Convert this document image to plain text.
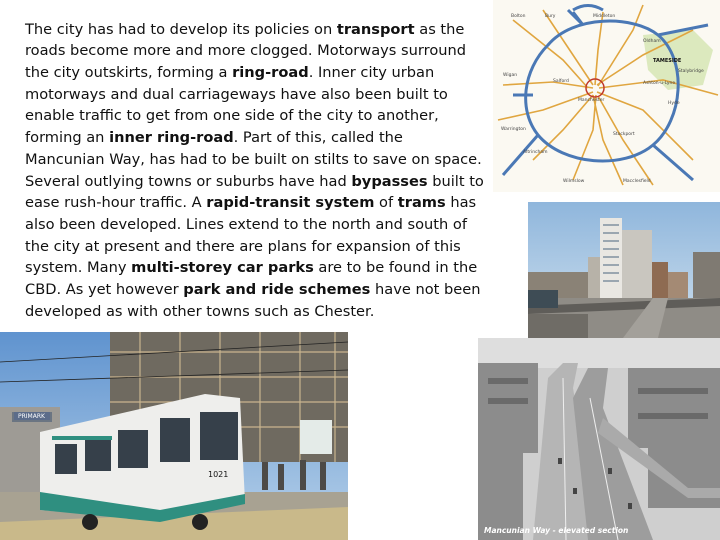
The city has had to develop its policies on transport as the roads become more and more clogged. Motorways surround the city outskirts, forming a ring-road. Inner city urban motorways and dual carriageways have also been built to enable traffic to get from one side of the city to another, forming an inner ring-road. Part of this, called the Mancunian Way, has had to be built on stilts to save on space. Several outlying towns or suburbs have had bypasses built to ease rush-hour traffic. A rapid-transit system of trams has also been developed. Lines extend to the north and south of the city at present and there are plans for expansion of this system. Many multi-storey car parks are to be found in the CBD. As yet however park and ride schemes have not been developed as with other towns such as Chester.

Bolton	Bury	Middleton
Oldham
Wigan
Salford
Manchester
TAMESIDE
Ashton-u-Lyne
Stockport
Warrington
Altrincham
Wilmslow	Macclesfield
Stalybridge
Hyde
PRIMARK
1021
Mancunian Way - elevated section
